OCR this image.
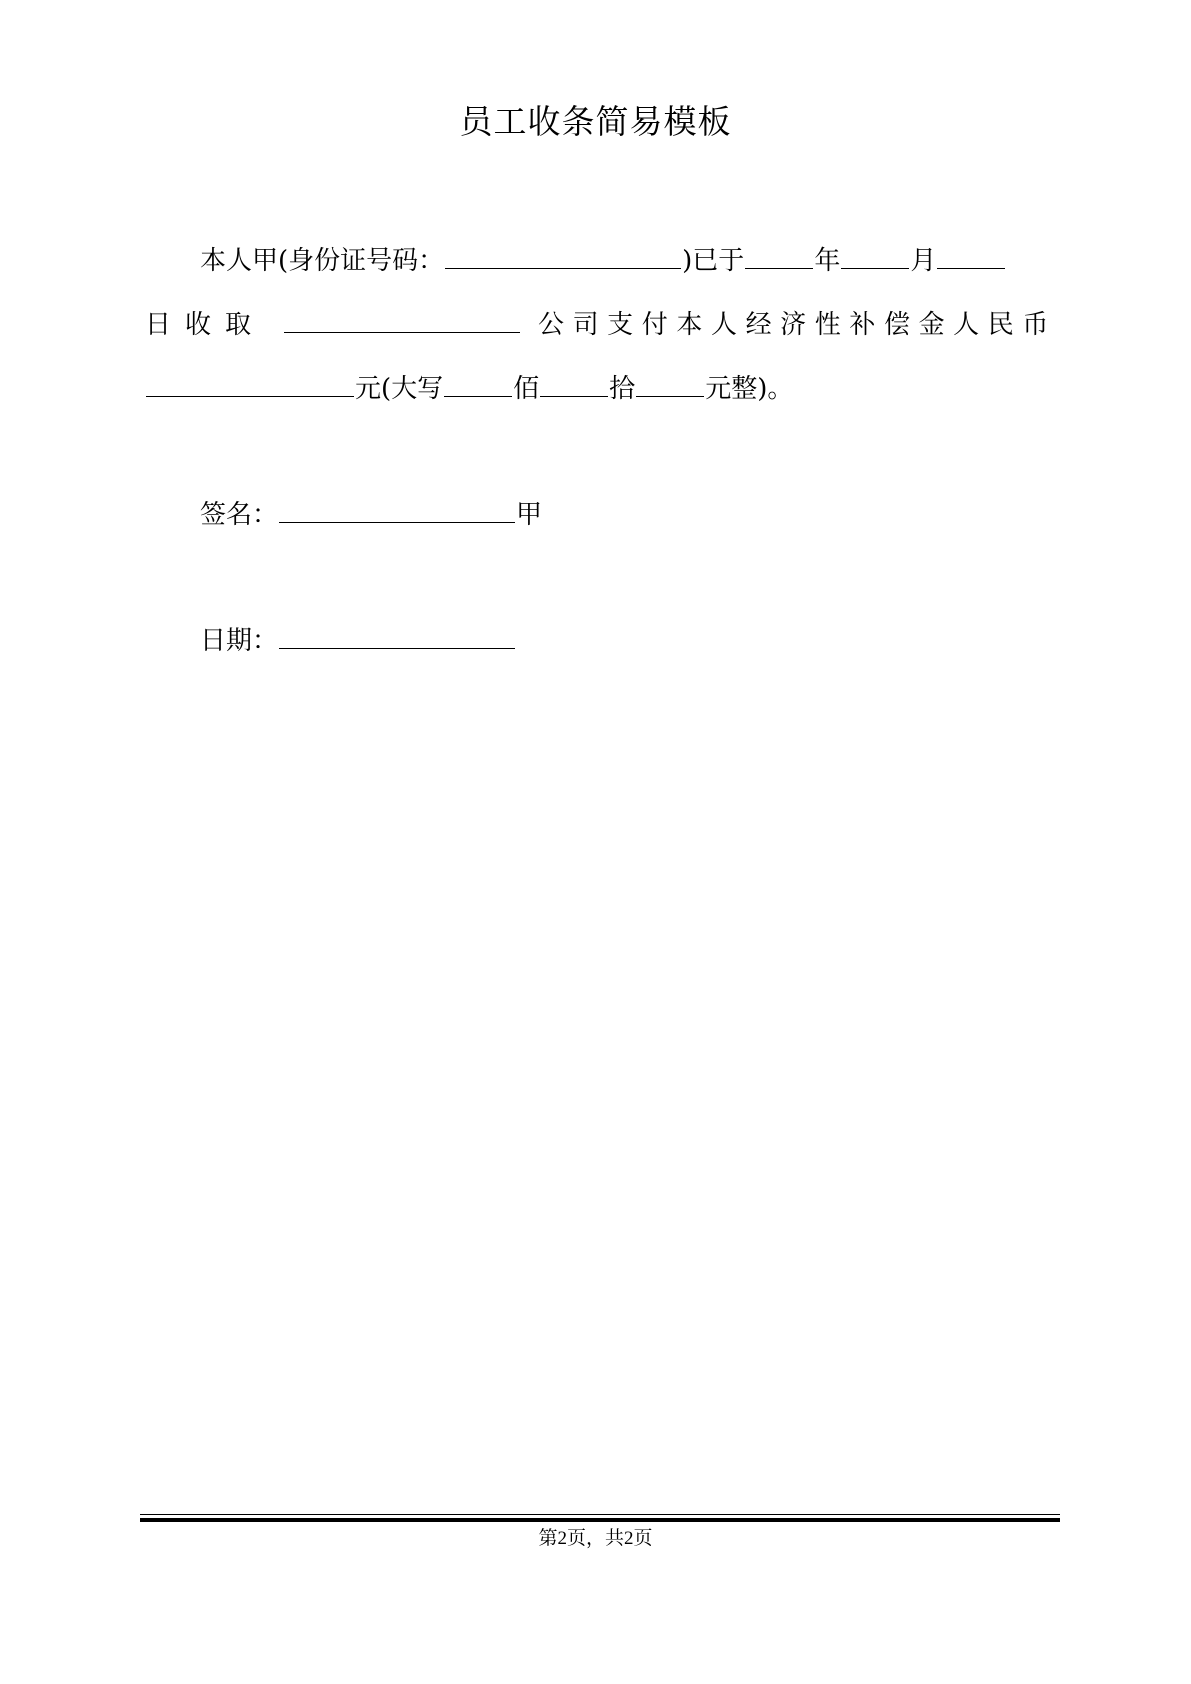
员工收条简易模板
本人甲(身份证号码：	)已于	年	月
日收取	公司支付本人经济性补偿金人民币
元(大写	佰	拾	元整)。
签名：	甲
日期：
第2页，共2页
